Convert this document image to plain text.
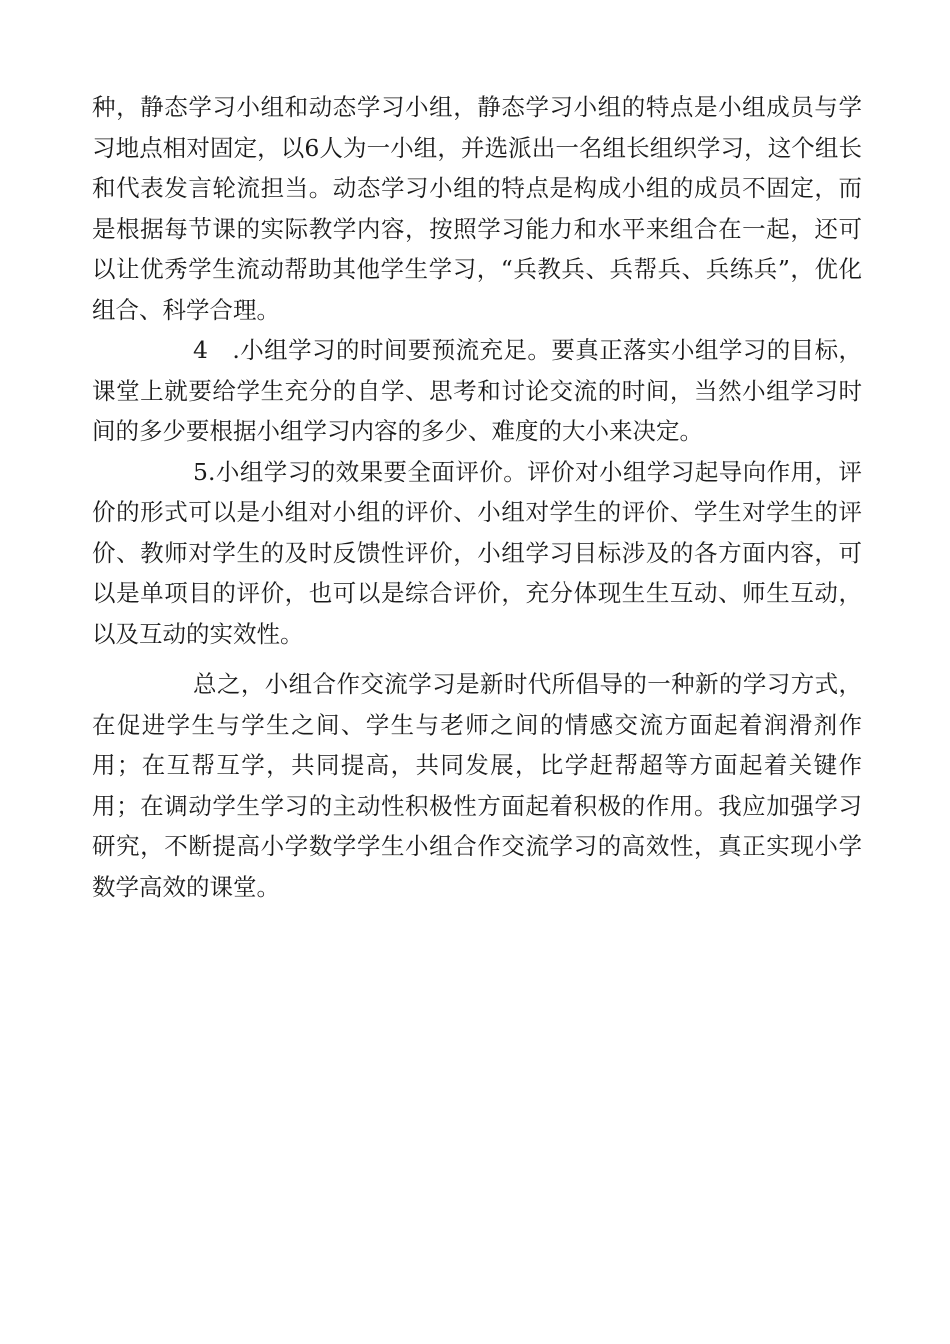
种，静态学习小组和动态学习小组，静态学习小组的特点是小组成员与学习地点相对固定，以6人为一小组，并选派出一名组长组织学习，这个组长和代表发言轮流担当。动态学习小组的特点是构成小组的成员不固定，而是根据每节课的实际教学内容，按照学习能力和水平来组合在一起，还可以让优秀学生流动帮助其他学生学习，“兵教兵、兵帮兵、兵练兵”，优化组合、科学合理。

4　.小组学习的时间要预流充足。要真正落实小组学习的目标，课堂上就要给学生充分的自学、思考和讨论交流的时间，当然小组学习时间的多少要根据小组学习内容的多少、难度的大小来决定。

5.小组学习的效果要全面评价。评价对小组学习起导向作用，评价的形式可以是小组对小组的评价、小组对学生的评价、学生对学生的评价、教师对学生的及时反馈性评价，小组学习目标涉及的各方面内容，可以是单项目的评价，也可以是综合评价，充分体现生生互动、师生互动，以及互动的实效性。

总之，小组合作交流学习是新时代所倡导的一种新的学习方式，在促进学生与学生之间、学生与老师之间的情感交流方面起着润滑剂作用；在互帮互学，共同提高，共同发展，比学赶帮超等方面起着关键作用；在调动学生学习的主动性积极性方面起着积极的作用。我应加强学习研究，不断提高小学数学学生小组合作交流学习的高效性，真正实现小学数学高效的课堂。
